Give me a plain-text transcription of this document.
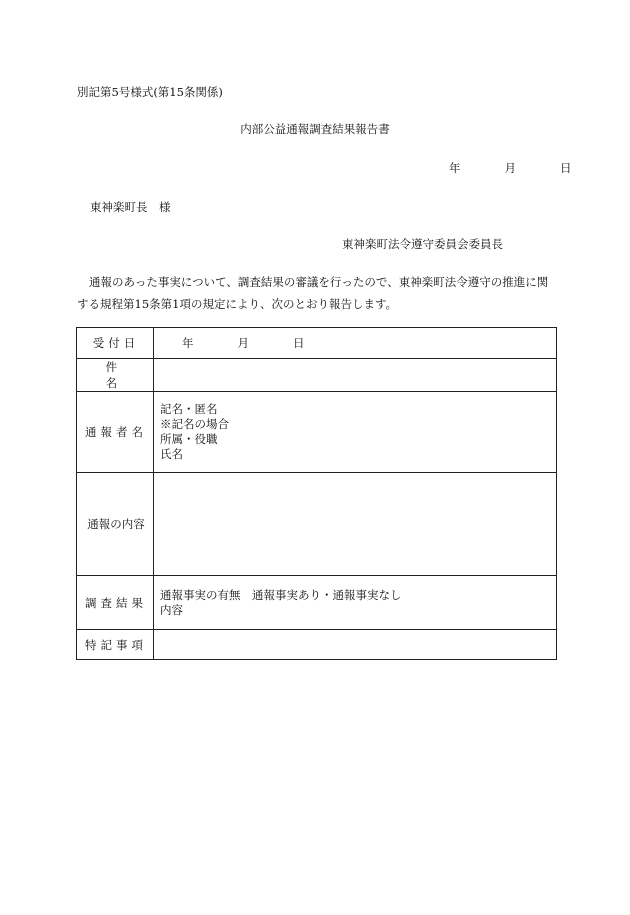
別記第5号様式(第15条関係)
内部公益通報調査結果報告書
年	月	日
東神楽町長　様
東神楽町法令遵守委員会委員長
通報のあった事実について、調査結果の審議を行ったので、東神楽町法令遵守の推進に関する規程第15条第1項の規定により、次のとおり報告します。
受付日	年 月 日
件名	
通報者名	記名・匿名
※記名の場合
所属・役職
氏名

通報の内容	
調査結果	通報事実の有無　通報事実あり・通報事実なし
内容

特記事項	
